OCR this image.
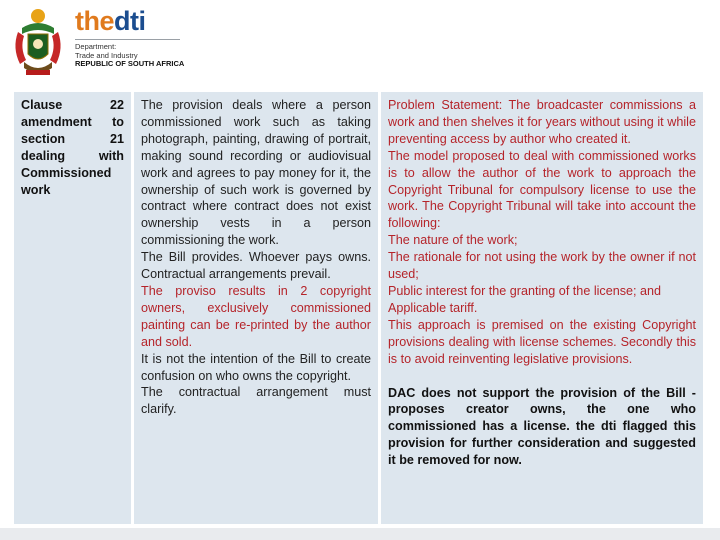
thedti
Department:
Trade and Industry
REPUBLIC OF SOUTH AFRICA

Clause 22 amendment to section 21 dealing with Commissioned work

The provision deals where a person commissioned work such as taking photograph, painting, drawing of portrait, making sound recording or audiovisual work and agrees to pay money for it, the ownership of such work is governed by contract where contract does not exist ownership vests in a person commissioning the work.

The Bill provides. Whoever pays owns. Contractual arrangements prevail.

The proviso results in 2 copyright owners, exclusively commissioned painting can be re-printed by the author and sold.

It is not the intention of the Bill to create confusion on who owns the copyright.

The contractual arrangement must clarify.

Problem Statement: The broadcaster commissions a work and then shelves it for years without using it while preventing access by author who created it.

The model proposed to deal with commissioned works is to allow the author of the work to approach the Copyright Tribunal for compulsory license to use the work. The Copyright Tribunal will take into account the following:

The nature of the work;

The rationale for not using the work by the owner if not used;

Public interest for the granting of the license; and

Applicable tariff.

This approach is premised on the existing Copyright provisions dealing with license schemes. Secondly this is to avoid reinventing legislative provisions.

DAC does not support the provision of the Bill -proposes creator owns, the one who commissioned has a license. the dti flagged this provision for further consideration and suggested it be removed for now.
